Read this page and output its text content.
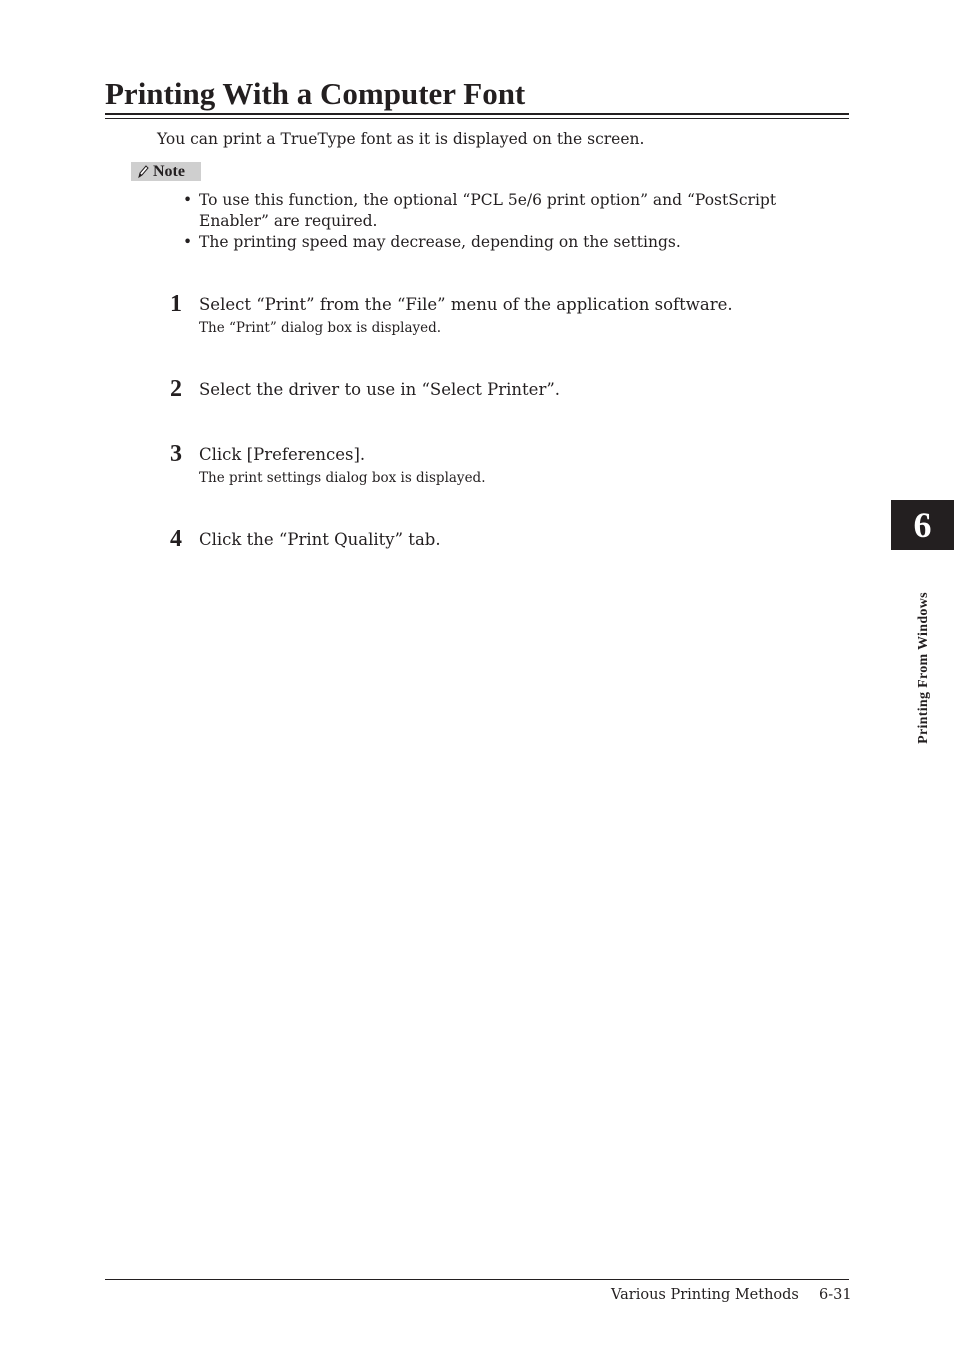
Printing With a Computer Font
You can print a TrueType font as it is displayed on the screen.
Note
• To use this function, the optional “PCL 5e/6 print option” and “PostScript Enabler” are required.
• The printing speed may decrease, depending on the settings.
1 Select “Print” from the “File” menu of the application software.
The “Print” dialog box is displayed.
2 Select the driver to use in “Select Printer”.
3 Click [Preferences].
The print settings dialog box is displayed.
4 Click the “Print Quality” tab.	6
Printing From Windows
Various Printing Methods 6-31
